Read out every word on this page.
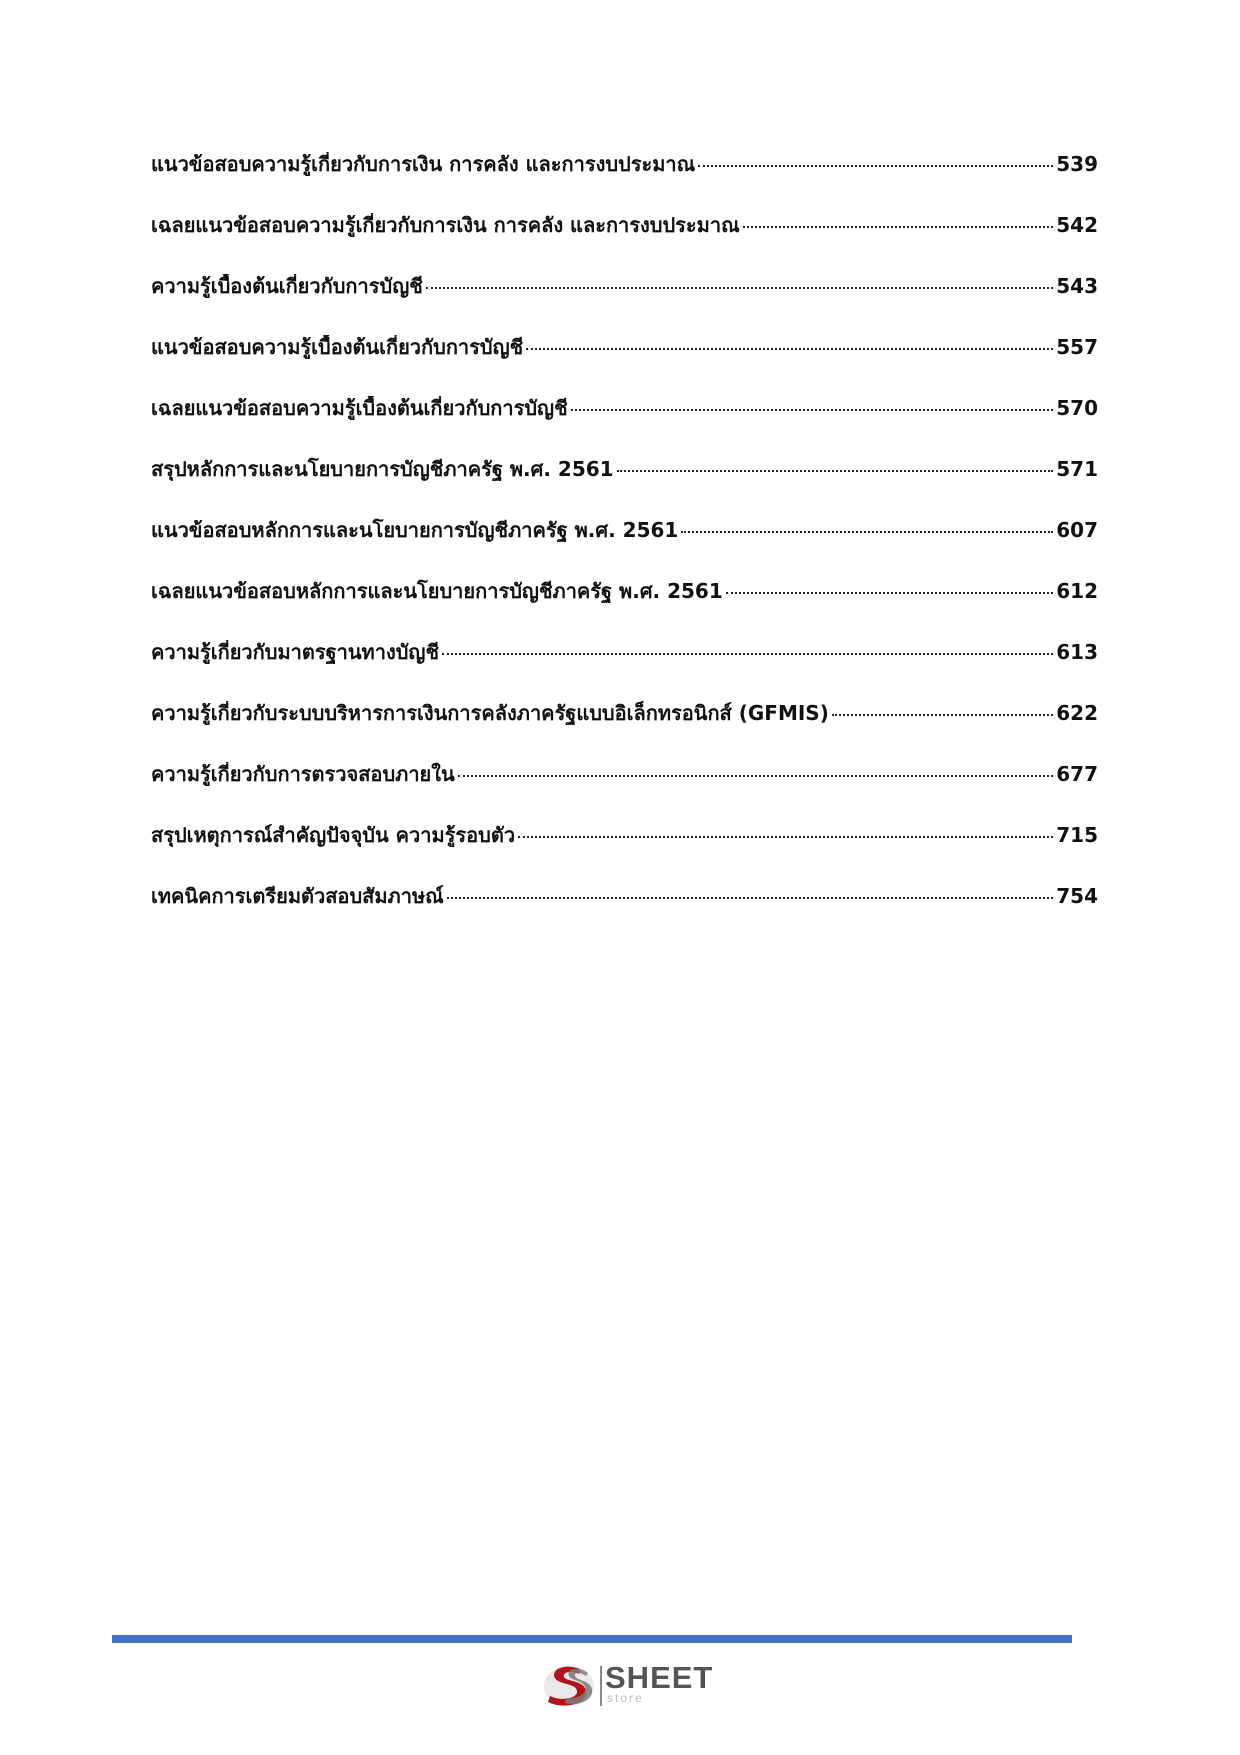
แนวข้อสอบความรู้เกี่ยวกับการเงิน การคลัง และการงบประมาณ	539
เฉลยแนวข้อสอบความรู้เกี่ยวกับการเงิน การคลัง และการงบประมาณ	542
ความรู้เบื้องต้นเกี่ยวกับการบัญชี	543
แนวข้อสอบความรู้เบื้องต้นเกี่ยวกับการบัญชี	557
เฉลยแนวข้อสอบความรู้เบื้องต้นเกี่ยวกับการบัญชี	570
สรุปหลักการและนโยบายการบัญชีภาครัฐ พ.ศ. 2561	571
แนวข้อสอบหลักการและนโยบายการบัญชีภาครัฐ พ.ศ. 2561	607
เฉลยแนวข้อสอบหลักการและนโยบายการบัญชีภาครัฐ พ.ศ. 2561	612
ความรู้เกี่ยวกับมาตรฐานทางบัญชี	613
ความรู้เกี่ยวกับระบบบริหารการเงินการคลังภาครัฐแบบอิเล็กทรอนิกส์ (GFMIS)	622
ความรู้เกี่ยวกับการตรวจสอบภายใน	677
สรุปเหตุการณ์สำคัญปัจจุบัน ความรู้รอบตัว	715
เทคนิคการเตรียมตัวสอบสัมภาษณ์	754
SHEET
store
